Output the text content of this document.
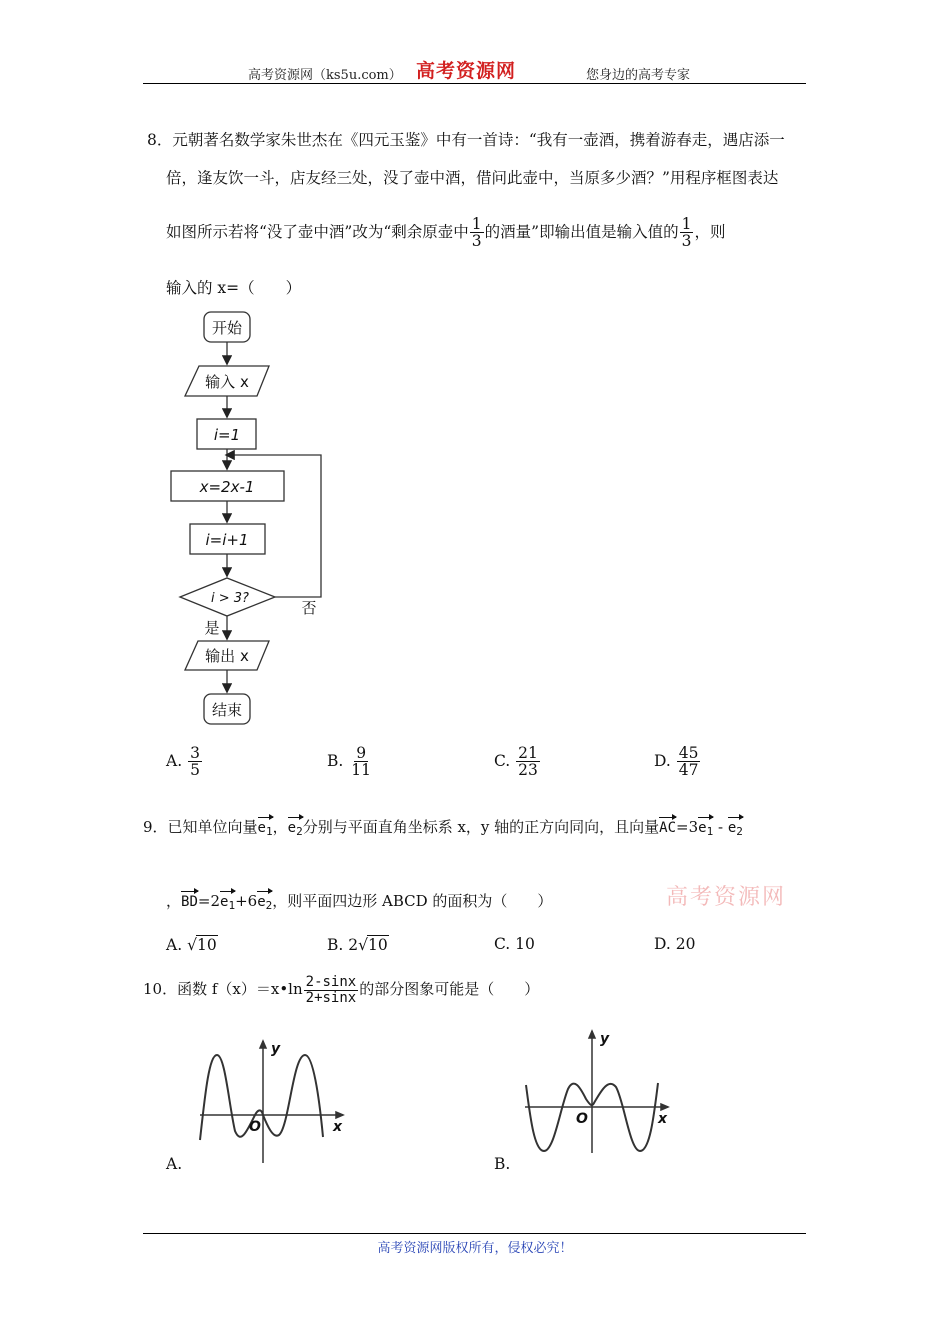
高考资源网（ks5u.com） 高考资源网	您身边的高考专家
8．元朝著名数学家朱世杰在《四元玉鉴》中有一首诗：“我有一壶酒，携着游春走，遇店添一
倍，逢友饮一斗，店友经三处，没了壶中酒，借问此壶中，当原多少酒？”用程序框图表达
如图所示若将“没了壶中酒”改为“剩余原壶中 $\frac{1}{3}$ 的酒量”即输出值是输入值的 $\frac{1}{3}$ ，则
输入的 x=（　　）
开始
输入 x
i=1
x=2x-1
i=i+1
i > 3?
否
是
输出 x
结束
A. $\frac{3}{5}$	B. $\frac{9}{11}$	C. $\frac{21}{23}$	D. $\frac{45}{47}$
9．已知单位向量$e_1$，$e_2$分别与平面直角坐标系 x，y 轴的正方向同向，且向量$AC=3e_1 - e_2$
，$BD=2e_1+6e_2$，则平面四边形 ABCD 的面积为（　　）	高考资源网
A. √10	B. 2√10	C. 10	D. 20
10．函数 f（x）＝x•ln $\frac{2-\sin x}{2+\sin x}$ 的部分图象可能是（　　）
y
x
O
A.
y
x
O
B.
高考资源网版权所有，侵权必究！
